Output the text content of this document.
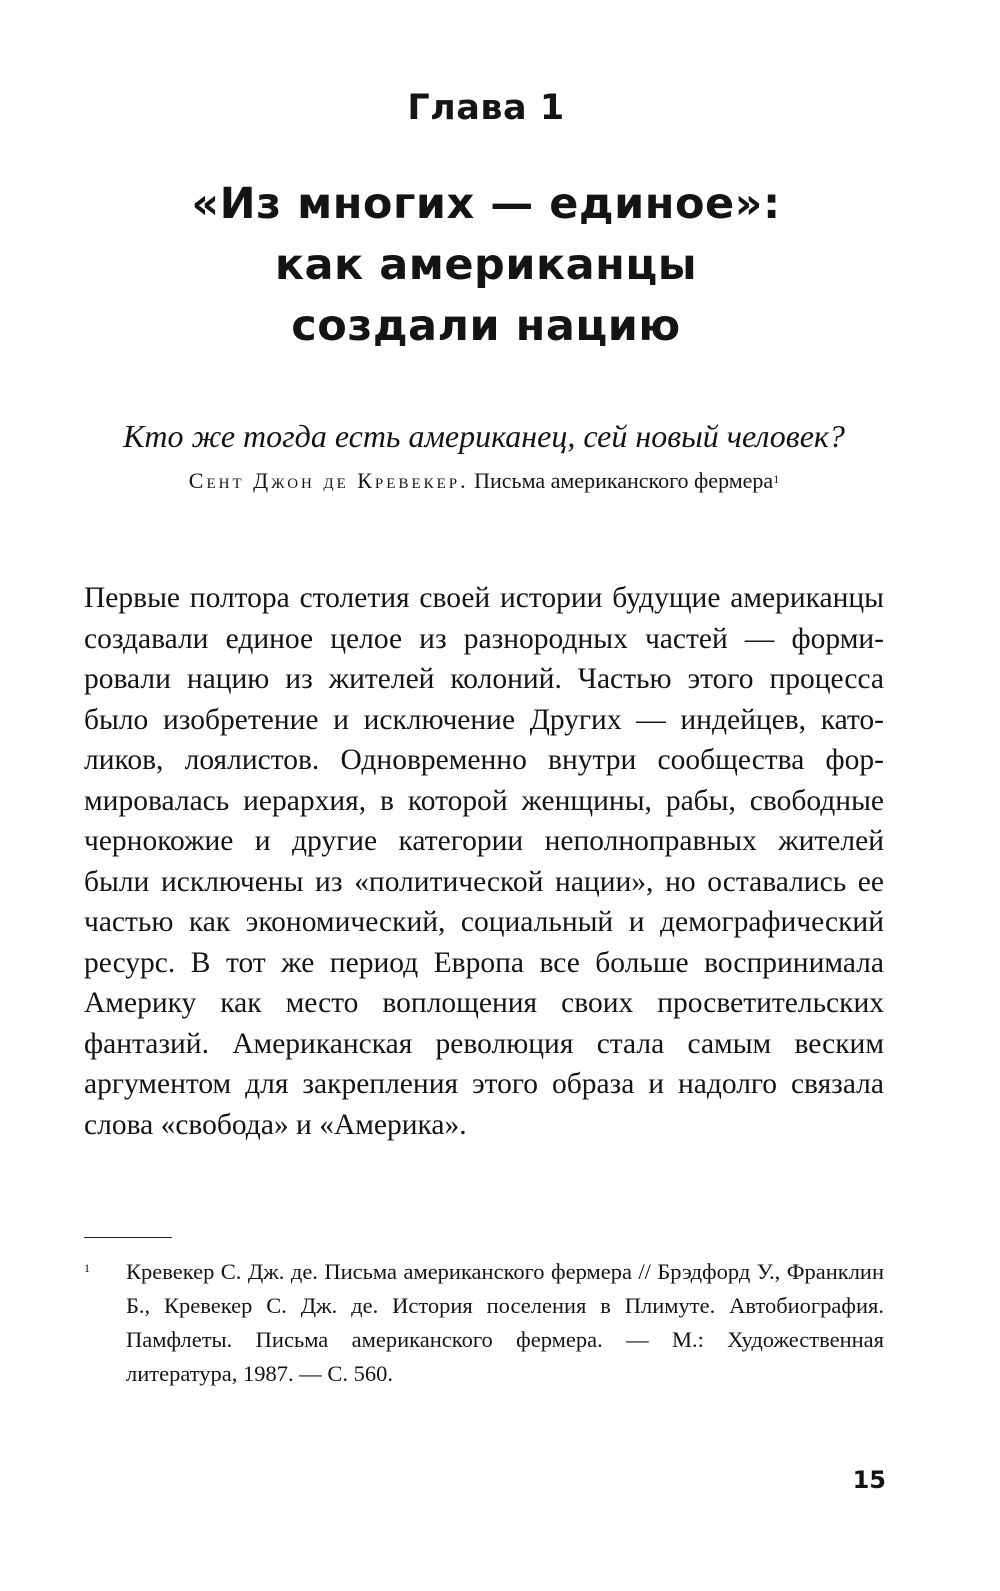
Глава 1
«Из многих — единое»:
как американцы
создали нацию
Кто же тогда есть американец, сей новый человек?
Сент Джон де Кревекер. Письма американского фермера$^1$

Первые полтора столетия своей истории будущие американцы создавали единое целое из разнородных частей — формировали нацию из жителей колоний. Частью этого процесса было изобретение и исключение Других — индейцев, католиков, лоялистов. Одновременно внутри сообщества формировалась иерархия, в которой женщины, рабы, свободные чернокожие и другие категории неполноправных жителей были исключены из «политической нации», но оставались ее частью как экономический, социальный и демографический ресурс. В тот же период Европа все больше воспринимала Америку как место воплощения своих просветительских фантазий. Американская революция стала самым веским аргументом для закрепления этого образа и надолго связала слова «свобода» и «Америка».

1 Кревекер С. Дж. де. Письма американского фермера // Брэдфорд У., Франклин Б., Кревекер С. Дж. де. История поселения в Плимуте. Автобиография. Памфлеты. Письма американского фермера. — М.: Художественная литература, 1987. — С. 560.

15
